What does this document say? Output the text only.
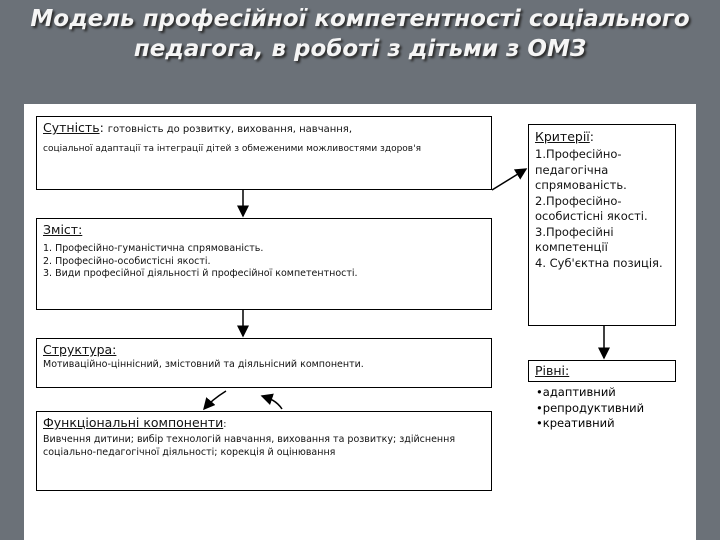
Модель професійної компетентності соціального педагога, в роботі з дітьми з ОМЗ
Сутність: готовність до розвитку, виховання, навчання,
соціальної адаптації та інтеграції дітей з обмеженими можливостями здоров'я
Зміст:
1. Професійно-гуманістична спрямованість.
2. Професійно-особистісні якості.
3. Види професійної діяльності й професійної компетентності.
Структура:
Мотиваційно-ціннісний, змістовний та діяльнісний компоненти.
Функціональні компоненти:
Вивчення дитини; вибір технологій навчання, виховання та розвитку; здійснення соціально-педагогічної діяльності; корекція й оцінювання
Критерії:
1.Професійно-педагогічна спрямованість.
2.Професійно-особистісні якості.
3.Професійні компетенції
4. Суб'єктна позиція.
Рівні:
•адаптивний
•репродуктивний
•креативний
